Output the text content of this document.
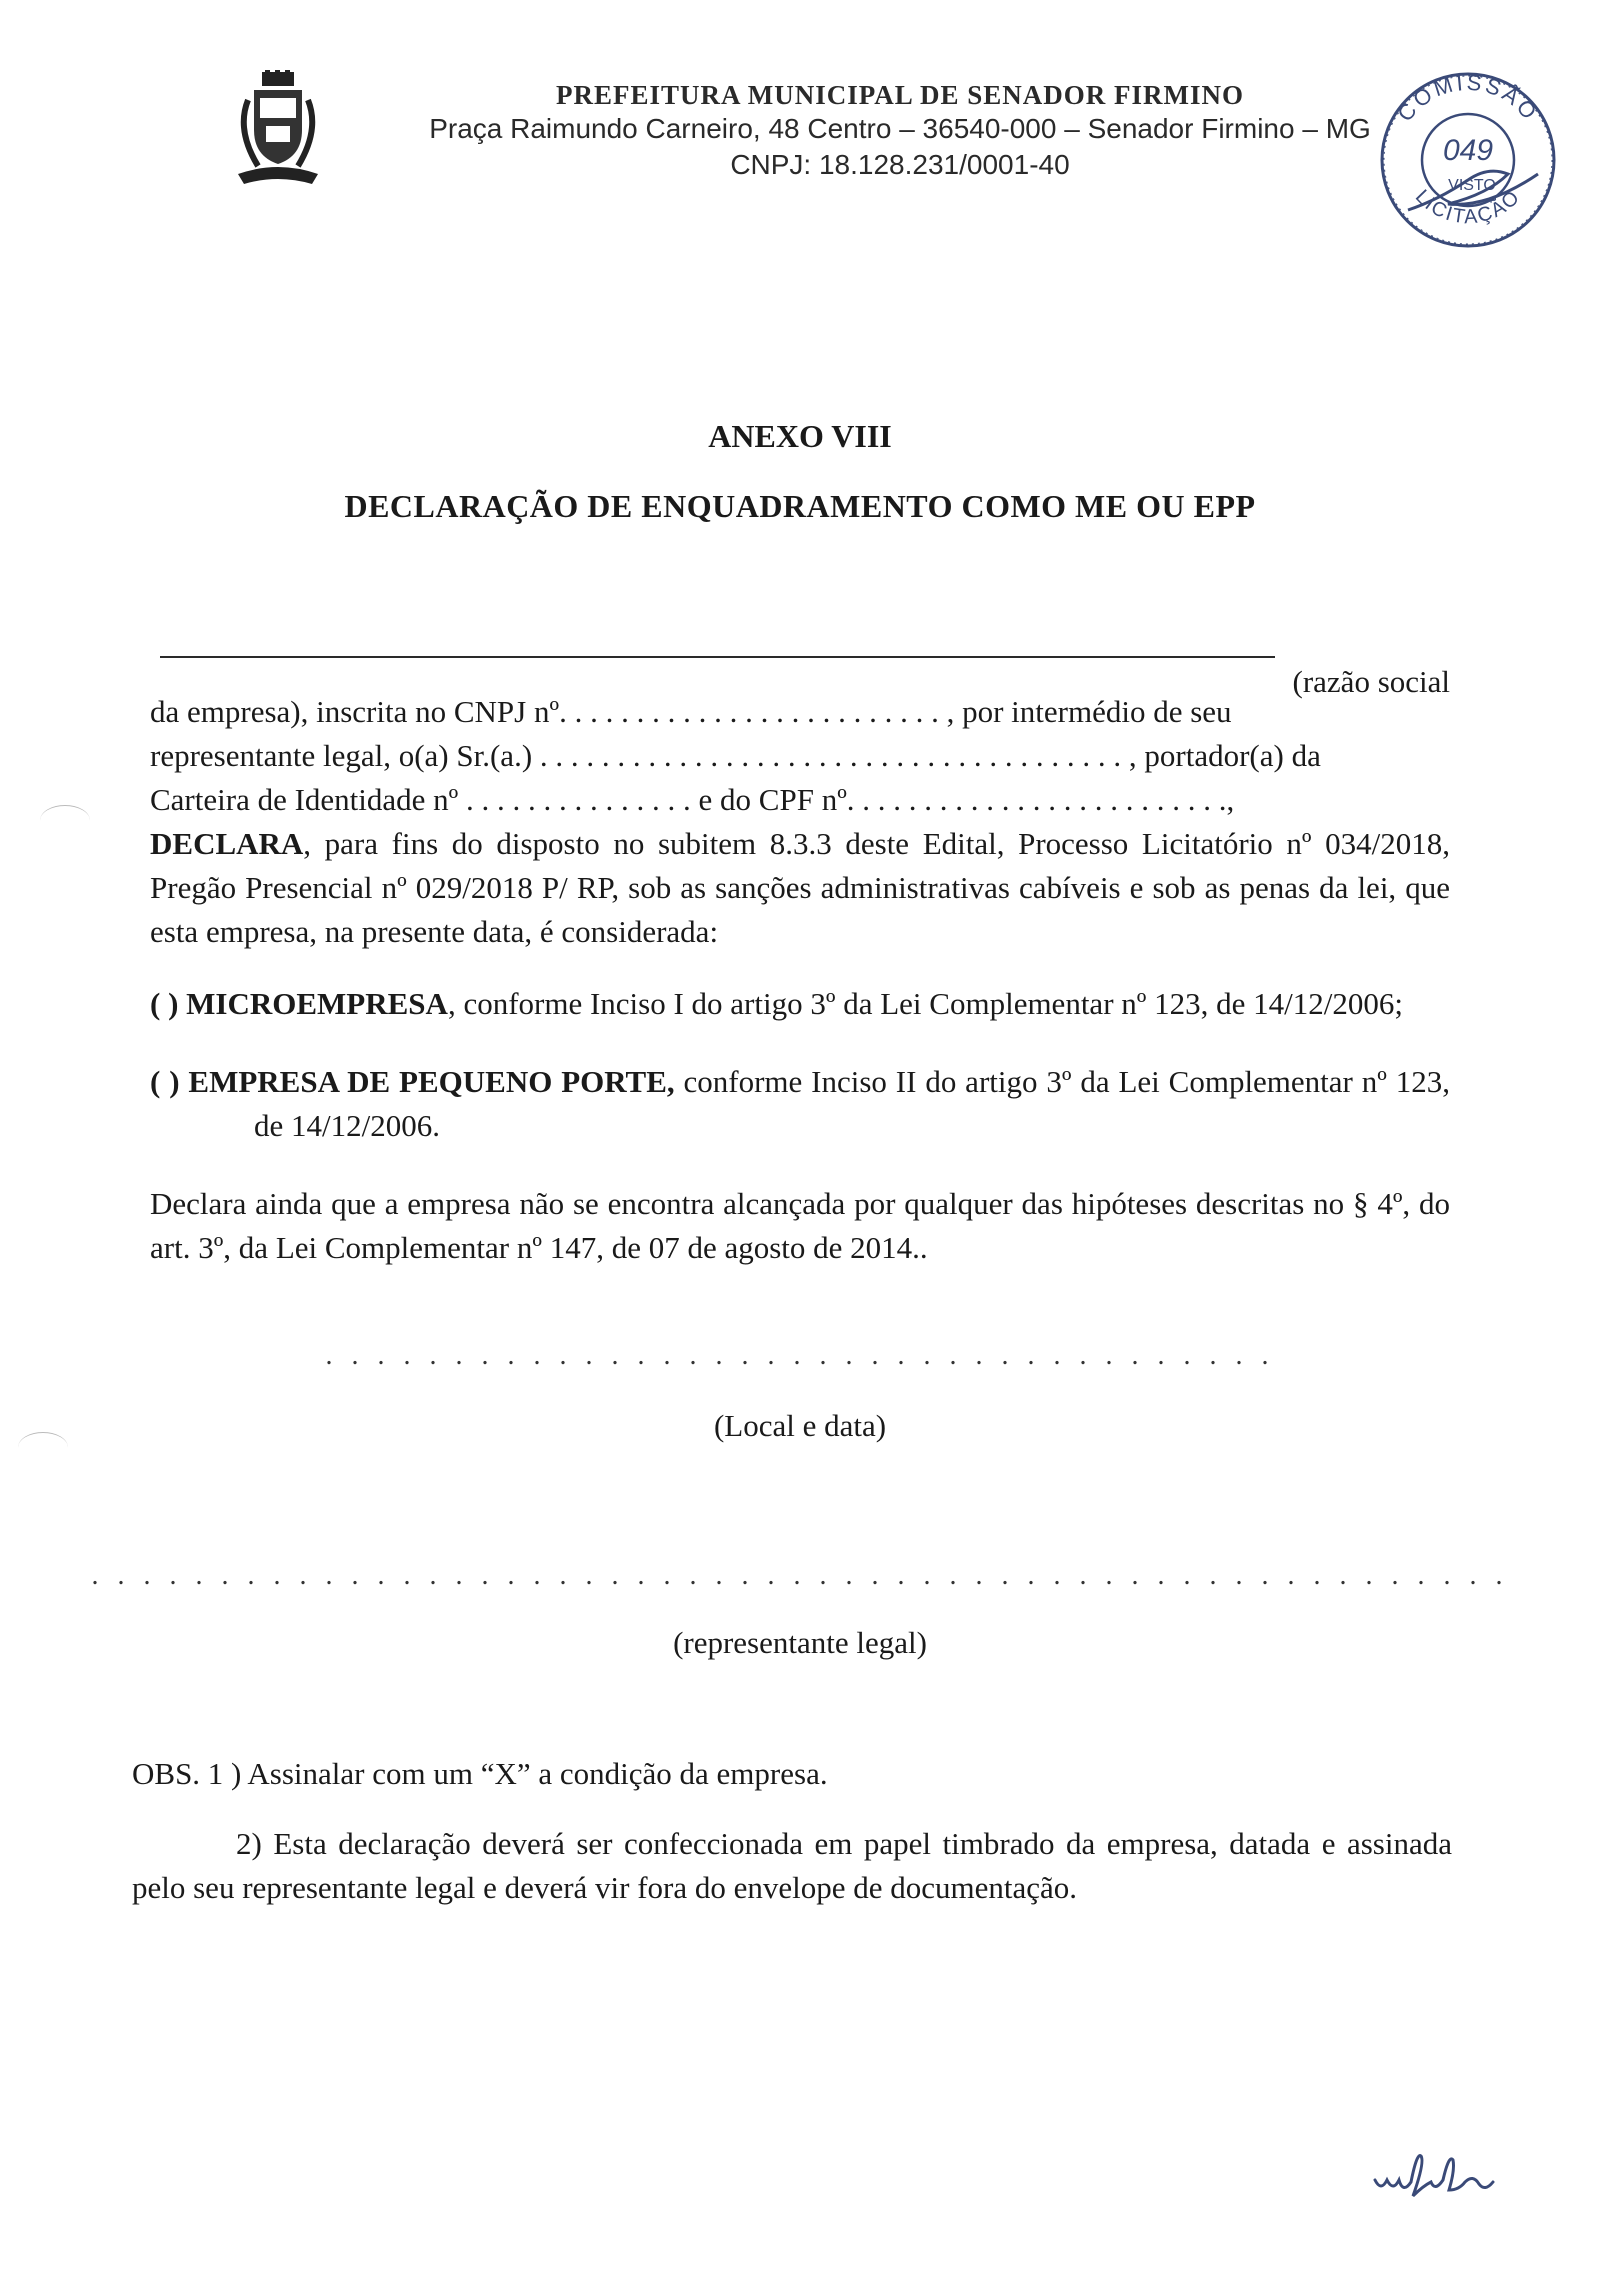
PREFEITURA MUNICIPAL DE SENADOR FIRMINO
Praça Raimundo Carneiro, 48 Centro – 36540-000 – Senador Firmino – MG
CNPJ: 18.128.231/0001-40
COMISSÃO
LICITAÇÃO
049
VISTO
ANEXO VIII
DECLARAÇÃO DE ENQUADRAMENTO COMO ME OU EPP
(razão social

da empresa), inscrita no CNPJ nº. . . . . . . . . . . . . . . . . . . . . . . . . , por intermédio de seu

representante legal, o(a) Sr.(a.) . . . . . . . . . . . . . . . . . . . . . . . . . . . . . . . . . . . . . . , portador(a) da

Carteira de Identidade nº . . . . . . . . . . . . . . . e do CPF nº. . . . . . . . . . . . . . . . . . . . . . . . .,

DECLARA, para fins do disposto no subitem 8.3.3 deste Edital, Processo Licitatório nº 034/2018, Pregão Presencial nº 029/2018 P/ RP, sob as sanções administrativas cabíveis e sob as penas da lei, que esta empresa, na presente data, é considerada:

( ) MICROEMPRESA, conforme Inciso I do artigo 3º da Lei Complementar nº 123, de 14/12/2006;

( ) EMPRESA DE PEQUENO PORTE, conforme Inciso II do artigo 3º da Lei Complementar nº 123, de 14/12/2006.

Declara ainda que a empresa não se encontra alcançada por qualquer das hipóteses descritas no § 4º, do art. 3º, da Lei Complementar nº 147, de 07 de agosto de 2014..

. . . . . . . . . . . . . . . . . . . . . . . . . . . . . . . . . . . . .
(Local e data)
. . . . . . . . . . . . . . . . . . . . . . . . . . . . . . . . . . . . . . . . . . . . . . . . . . . . . . .
(representante legal)
OBS. 1 ) Assinalar com um “X” a condição da empresa.
2) Esta declaração deverá ser confeccionada em papel timbrado da empresa, datada e assinada pelo seu representante legal e deverá vir fora do envelope de documentação.
